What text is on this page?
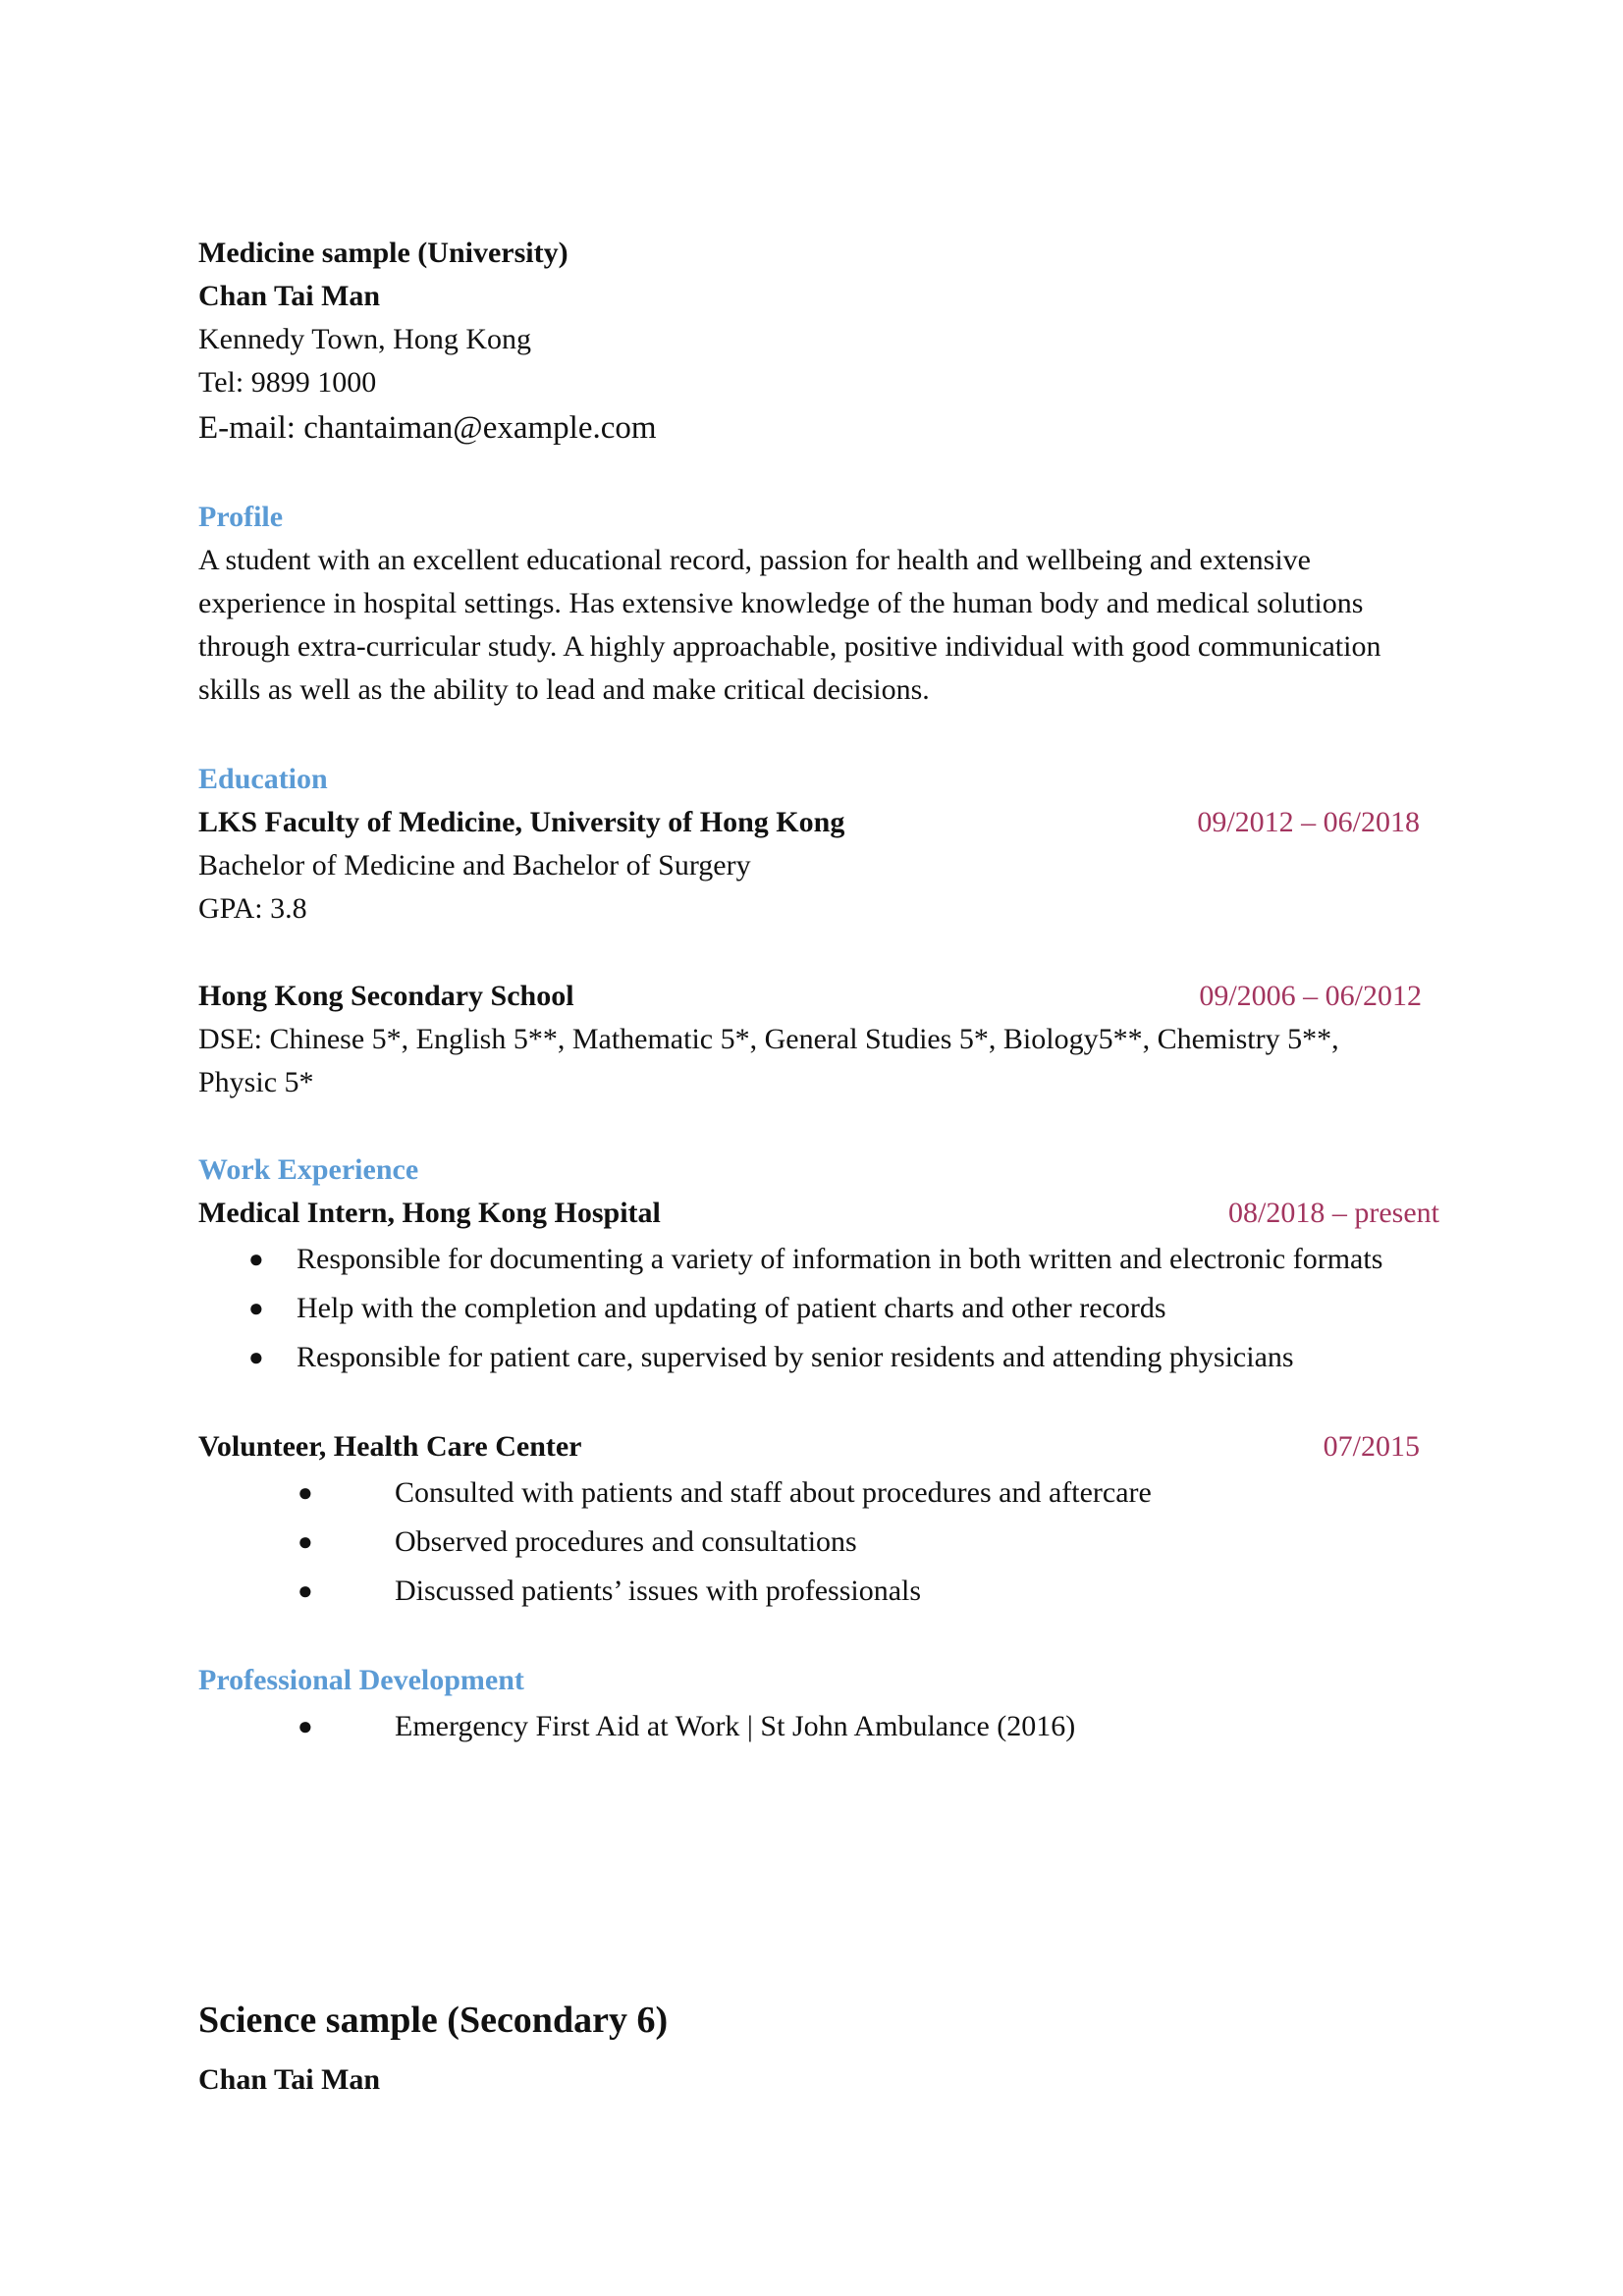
Medicine sample (University)
Chan Tai Man
Kennedy Town, Hong Kong
Tel: 9899 1000
E-mail: chantaiman@example.com
Profile
A student with an excellent educational record, passion for health and wellbeing and extensive
experience in hospital settings. Has extensive knowledge of the human body and medical solutions
through extra-curricular study. A highly approachable, positive individual with good communication
skills as well as the ability to lead and make critical decisions.
Education
LKS Faculty of Medicine, University of Hong Kong	09/2012 – 06/2018
Bachelor of Medicine and Bachelor of Surgery
GPA: 3.8
Hong Kong Secondary School	09/2006 – 06/2012
DSE: Chinese 5*, English 5**, Mathematic 5*, General Studies 5*, Biology5**, Chemistry 5**,
Physic 5*
Work Experience
Medical Intern, Hong Kong Hospital	08/2018 – present
● Responsible for documenting a variety of information in both written and electronic formats
● Help with the completion and updating of patient charts and other records
● Responsible for patient care, supervised by senior residents and attending physicians
Volunteer, Health Care Center	07/2015
●	Consulted with patients and staff about procedures and aftercare
●	Observed procedures and consultations
●	Discussed patients’ issues with professionals
Professional Development
●	Emergency First Aid at Work | St John Ambulance (2016)
Science sample (Secondary 6)
Chan Tai Man
